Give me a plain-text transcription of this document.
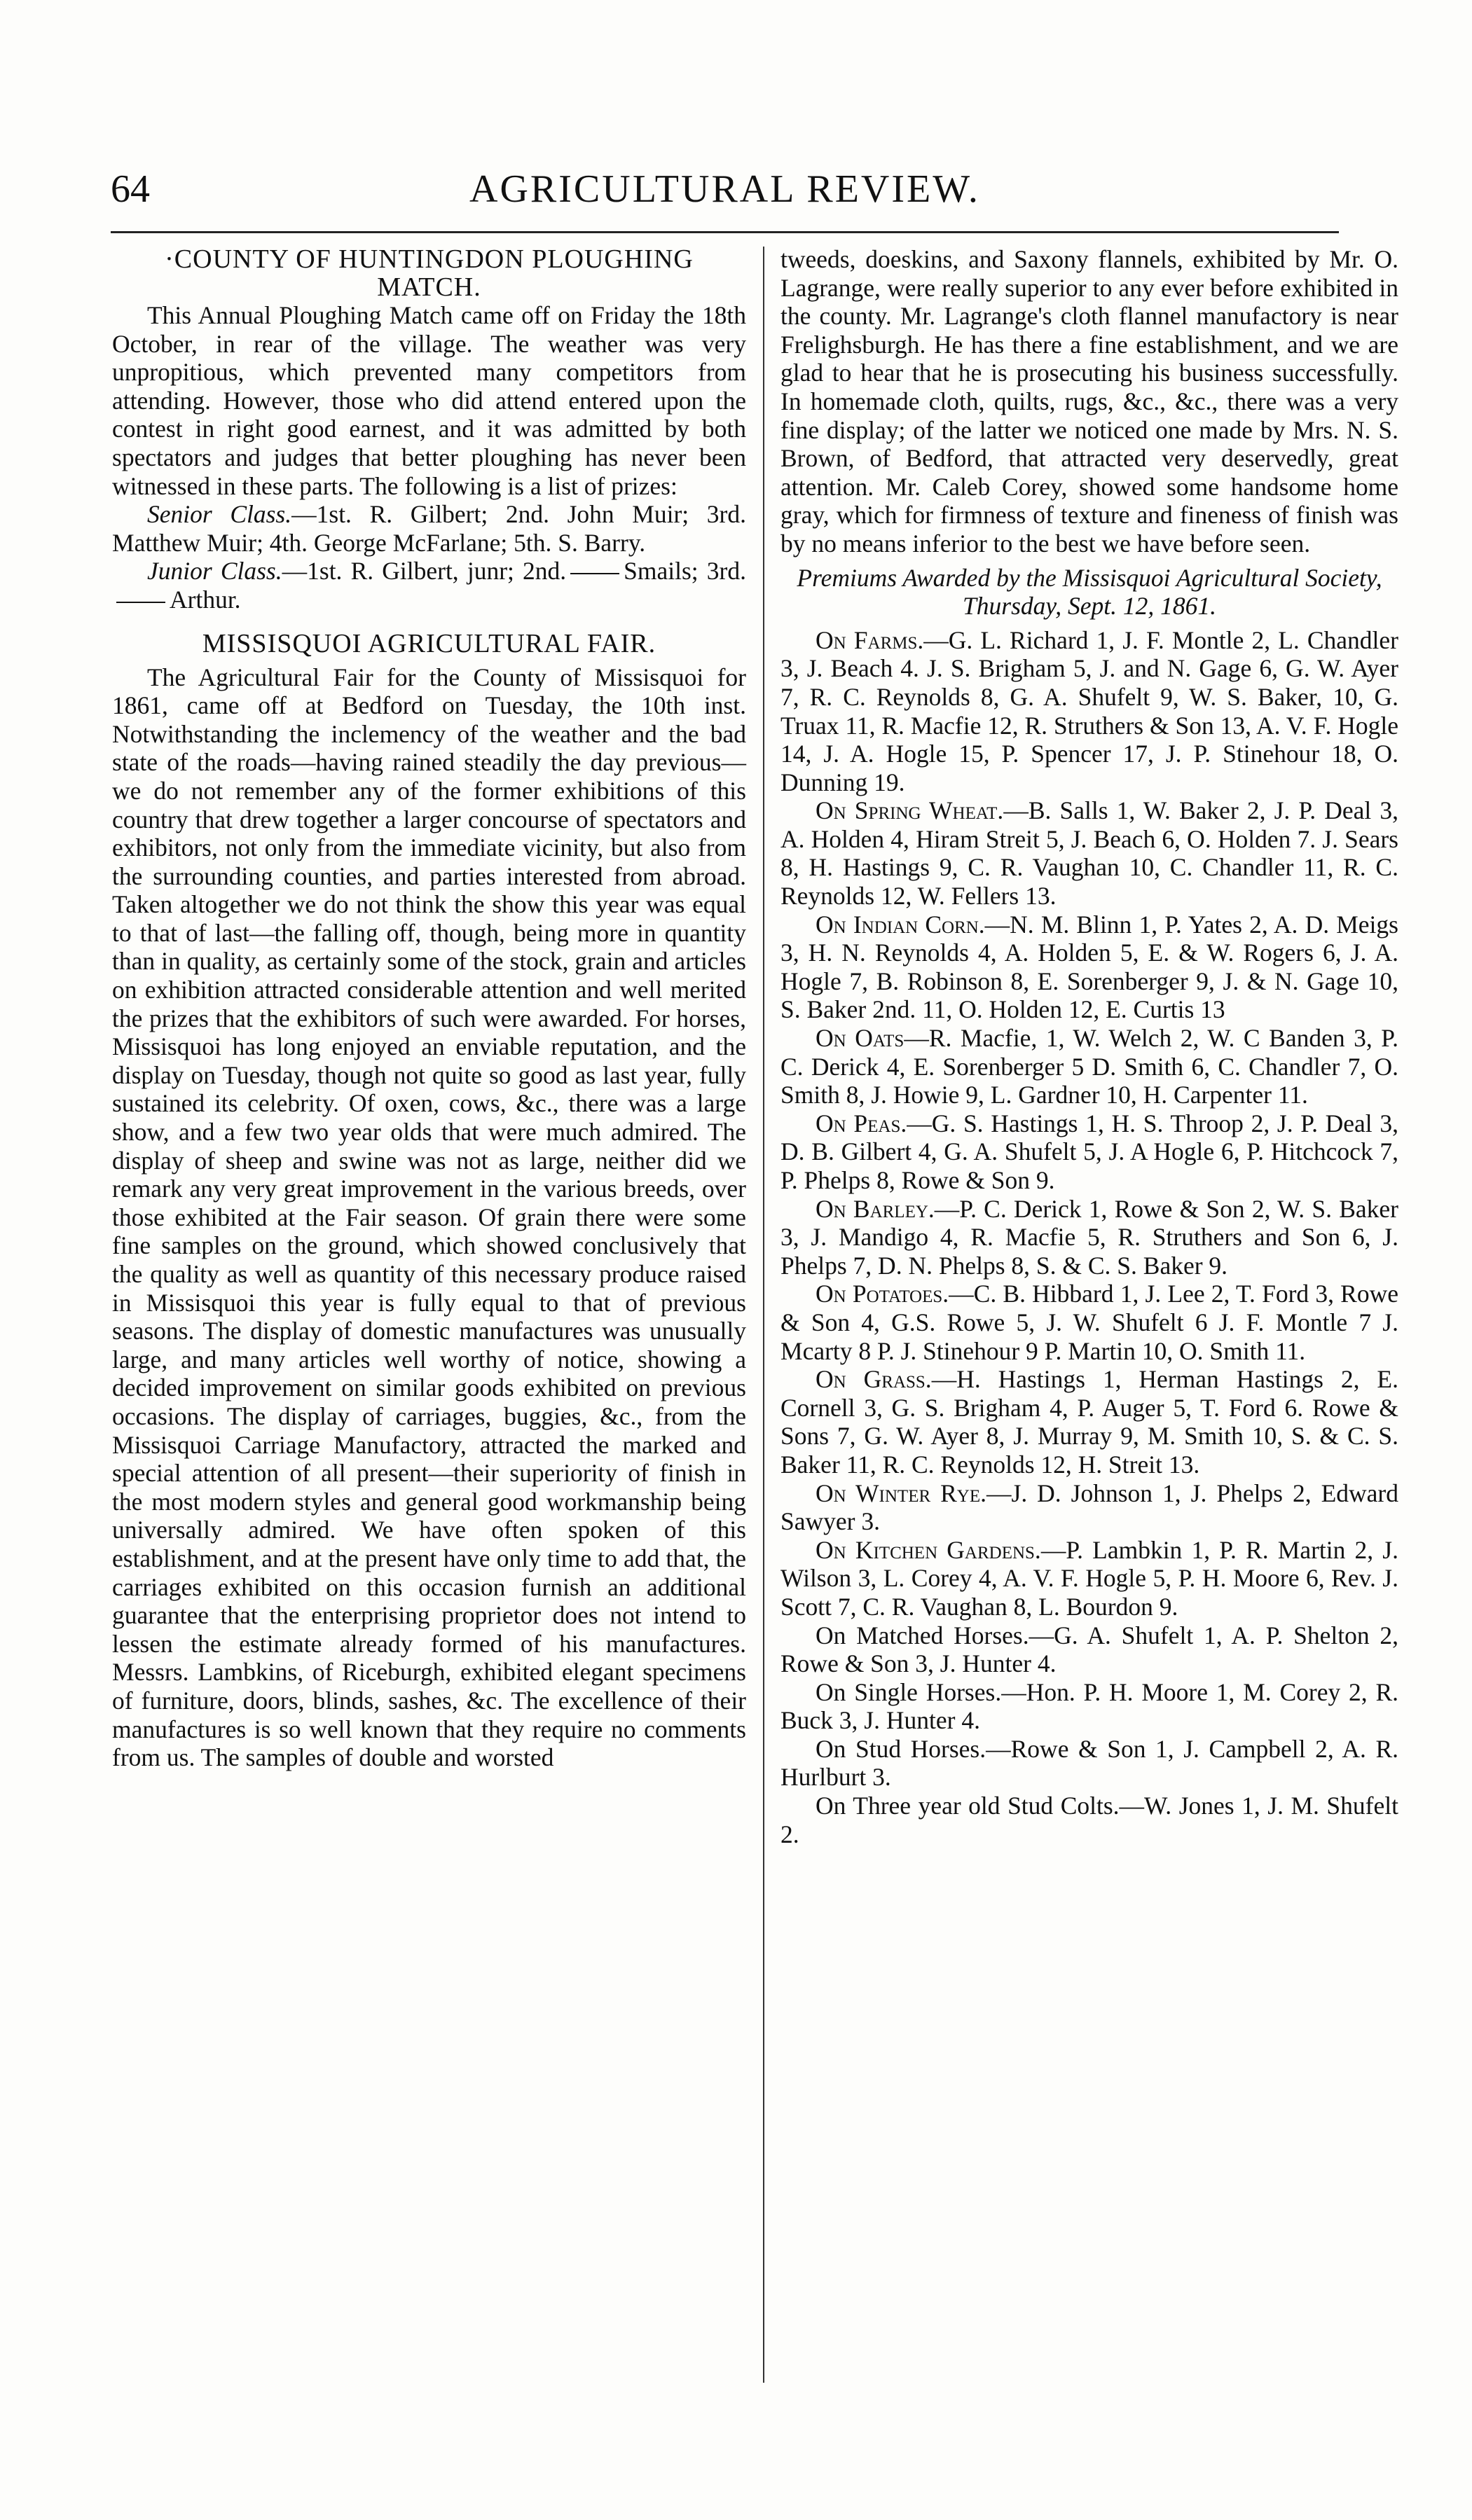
64	AGRICULTURAL REVIEW.
·COUNTY OF HUNTINGDON PLOUGHING MATCH.

This Annual Ploughing Match came off on Friday the 18th October, in rear of the village. The weather was very unpropitious, which prevented many competitors from attending. However, those who did attend entered upon the contest in right good earnest, and it was admitted by both spectators and judges that better ploughing has never been witnessed in these parts. The following is a list of prizes:

Senior Class.—1st. R. Gilbert; 2nd. John Muir; 3rd. Matthew Muir; 4th. George McFarlane; 5th. S. Barry.

Junior Class.—1st. R. Gilbert, junr; 2nd. Smails; 3rd.Arthur.

MISSISQUOI AGRICULTURAL FAIR.

The Agricultural Fair for the County of Missisquoi for 1861, came off at Bedford on Tuesday, the 10th inst. Notwithstanding the inclemency of the weather and the bad state of the roads—having rained steadily the day previous—we do not remember any of the former exhibitions of this country that drew together a larger concourse of spectators and exhibitors, not only from the immediate vicinity, but also from the surrounding counties, and parties interested from abroad. Taken altogether we do not think the show this year was equal to that of last—the falling off, though, being more in quantity than in quality, as certainly some of the stock, grain and articles on exhibition attracted considerable attention and well merited the prizes that the exhibitors of such were awarded. For horses, Missisquoi has long enjoyed an enviable reputation, and the display on Tuesday, though not quite so good as last year, fully sustained its celebrity. Of oxen, cows, &c., there was a large show, and a few two year olds that were much admired. The display of sheep and swine was not as large, neither did we remark any very great improvement in the various breeds, over those exhibited at the Fair season. Of grain there were some fine samples on the ground, which showed conclusively that the quality as well as quantity of this necessary produce raised in Missisquoi this year is fully equal to that of previous seasons. The display of domestic manufactures was unusually large, and many articles well worthy of notice, showing a decided improvement on similar goods exhibited on previous occasions. The display of carriages, buggies, &c., from the Missisquoi Carriage Manufactory, attracted the marked and special attention of all present—their superiority of finish in the most modern styles and general good workmanship being universally admired. We have often spoken of this establishment, and at the present have only time to add that, the carriages exhibited on this occasion furnish an additional guarantee that the enterprising proprietor does not intend to lessen the estimate already formed of his manufactures. Messrs. Lambkins, of Riceburgh, exhibited elegant specimens of furniture, doors, blinds, sashes, &c. The excellence of their manufactures is so well known that they require no comments from us. The samples of double and worsted

tweeds, doeskins, and Saxony flannels, exhibited by Mr. O. Lagrange, were really superior to any ever before exhibited in the county. Mr. Lagrange's cloth flannel manufactory is near Frelighsburgh. He has there a fine establishment, and we are glad to hear that he is prosecuting his business successfully. In homemade cloth, quilts, rugs, &c., &c., there was a very fine display; of the latter we noticed one made by Mrs. N. S. Brown, of Bedford, that attracted very deservedly, great attention. Mr. Caleb Corey, showed some handsome home gray, which for firmness of texture and fineness of finish was by no means inferior to the best we have before seen.

Premiums Awarded by the Missisquoi Agricultural Society, Thursday, Sept. 12, 1861.

On Farms.—G. L. Richard 1, J. F. Montle 2, L. Chandler 3, J. Beach 4. J. S. Brigham 5, J. and N. Gage 6, G. W. Ayer 7, R. C. Reynolds 8, G. A. Shufelt 9, W. S. Baker, 10, G. Truax 11, R. Macfie 12, R. Struthers & Son 13, A. V. F. Hogle 14, J. A. Hogle 15, P. Spencer 17, J. P. Stinehour 18, O. Dunning 19.

On Spring Wheat.—B. Salls 1, W. Baker 2, J. P. Deal 3, A. Holden 4, Hiram Streit 5, J. Beach 6, O. Holden 7. J. Sears 8, H. Hastings 9, C. R. Vaughan 10, C. Chandler 11, R. C. Reynolds 12, W. Fellers 13.

On Indian Corn.—N. M. Blinn 1, P. Yates 2, A. D. Meigs 3, H. N. Reynolds 4, A. Holden 5, E. & W. Rogers 6, J. A. Hogle 7, B. Robinson 8, E. Sorenberger 9, J. & N. Gage 10, S. Baker 2nd. 11, O. Holden 12, E. Curtis 13

On Oats—R. Macfie, 1, W. Welch 2, W. C Banden 3, P. C. Derick 4, E. Sorenberger 5 D. Smith 6, C. Chandler 7, O. Smith 8, J. Howie 9, L. Gardner 10, H. Carpenter 11.

On Peas.—G. S. Hastings 1, H. S. Throop 2, J. P. Deal 3, D. B. Gilbert 4, G. A. Shufelt 5, J. A Hogle 6, P. Hitchcock 7, P. Phelps 8, Rowe & Son 9.

On Barley.—P. C. Derick 1, Rowe & Son 2, W. S. Baker 3, J. Mandigo 4, R. Macfie 5, R. Struthers and Son 6, J. Phelps 7, D. N. Phelps 8, S. & C. S. Baker 9.

On Potatoes.—C. B. Hibbard 1, J. Lee 2, T. Ford 3, Rowe & Son 4, G.S. Rowe 5, J. W. Shufelt 6 J. F. Montle 7 J. Mcarty 8 P. J. Stinehour 9 P. Martin 10, O. Smith 11.

On Grass.—H. Hastings 1, Herman Hastings 2, E. Cornell 3, G. S. Brigham 4, P. Auger 5, T. Ford 6. Rowe & Sons 7, G. W. Ayer 8, J. Murray 9, M. Smith 10, S. & C. S. Baker 11, R. C. Reynolds 12, H. Streit 13.

On Winter Rye.—J. D. Johnson 1, J. Phelps 2, Edward Sawyer 3.

On Kitchen Gardens.—P. Lambkin 1, P. R. Martin 2, J. Wilson 3, L. Corey 4, A. V. F. Hogle 5, P. H. Moore 6, Rev. J. Scott 7, C. R. Vaughan 8, L. Bourdon 9.

On Matched Horses.—G. A. Shufelt 1, A. P. Shelton 2, Rowe & Son 3, J. Hunter 4.

On Single Horses.—Hon. P. H. Moore 1, M. Corey 2, R. Buck 3, J. Hunter 4.

On Stud Horses.—Rowe & Son 1, J. Campbell 2, A. R. Hurlburt 3.

On Three year old Stud Colts.—W. Jones 1, J. M. Shufelt 2.
